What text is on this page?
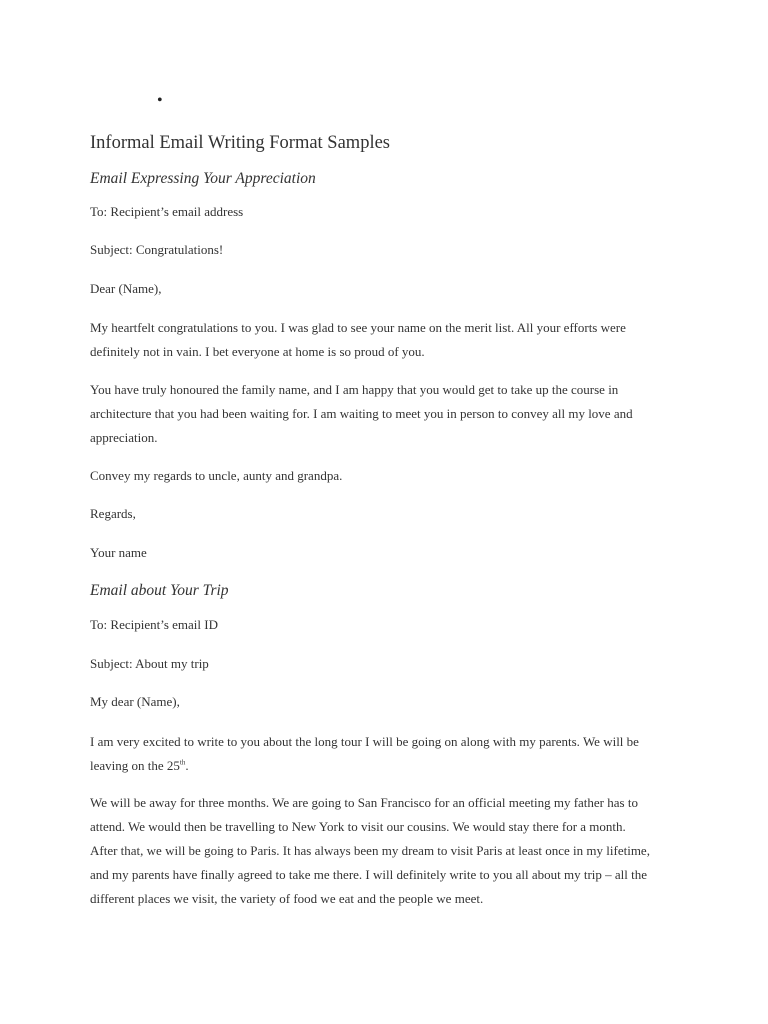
•
Informal Email Writing Format Samples
Email Expressing Your Appreciation
To: Recipient’s email address
Subject: Congratulations!
Dear (Name),
My heartfelt congratulations to you. I was glad to see your name on the merit list. All your efforts were definitely not in vain. I bet everyone at home is so proud of you.
You have truly honoured the family name, and I am happy that you would get to take up the course in architecture that you had been waiting for. I am waiting to meet you in person to convey all my love and appreciation.
Convey my regards to uncle, aunty and grandpa.
Regards,
Your name
Email about Your Trip
To: Recipient’s email ID
Subject: About my trip
My dear (Name),
I am very excited to write to you about the long tour I will be going on along with my parents. We will be leaving on the 25th.
We will be away for three months. We are going to San Francisco for an official meeting my father has to attend. We would then be travelling to New York to visit our cousins. We would stay there for a month. After that, we will be going to Paris. It has always been my dream to visit Paris at least once in my lifetime, and my parents have finally agreed to take me there. I will definitely write to you all about my trip – all the different places we visit, the variety of food we eat and the people we meet.
